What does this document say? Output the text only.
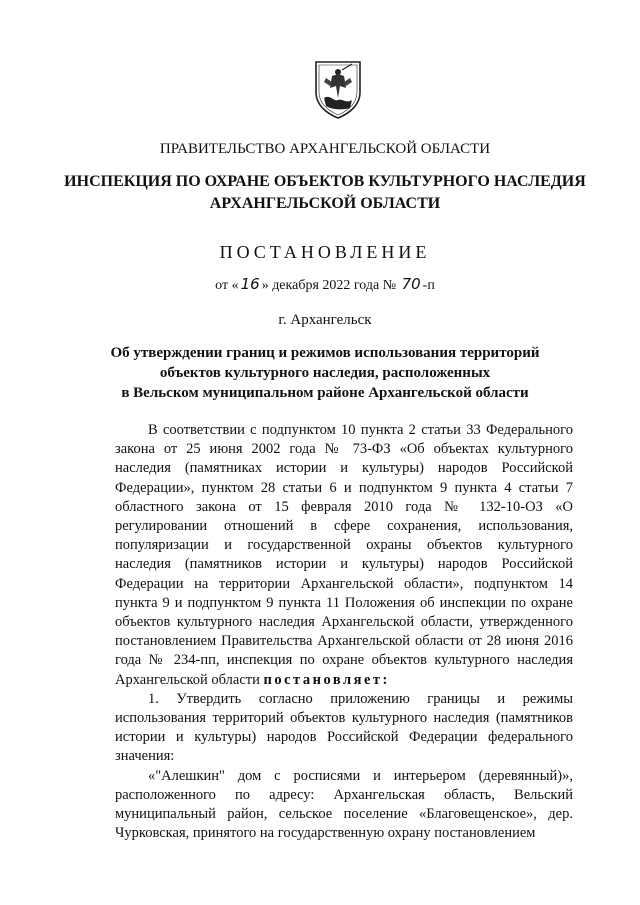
ПРАВИТЕЛЬСТВО АРХАНГЕЛЬСКОЙ ОБЛАСТИ
ИНСПЕКЦИЯ ПО ОХРАНЕ ОБЪЕКТОВ КУЛЬТУРНОГО НАСЛЕДИЯ
АРХАНГЕЛЬСКОЙ ОБЛАСТИ
ПОСТАНОВЛЕНИЕ
от « 16 » декабря 2022 года № 70 -п
г. Архангельск
Об утверждении границ и режимов использования территорий
объектов культурного наследия, расположенных
в Вельском муниципальном районе Архангельской области

В соответствии с подпунктом 10 пункта 2 статьи 33 Федерального закона от 25 июня 2002 года № 73-ФЗ «Об объектах культурного наследия (памятниках истории и культуры) народов Российской Федерации», пунктом 28 статьи 6 и подпунктом 9 пункта 4 статьи 7 областного закона от 15 февраля 2010 года № 132-10-ОЗ «О регулировании отношений в сфере сохранения, использования, популяризации и государственной охраны объектов культурного наследия (памятников истории и культуры) народов Российской Федерации на территории Архангельской области», подпунктом 14 пункта 9 и подпунктом 9 пункта 11 Положения об инспекции по охране объектов культурного наследия Архангельской области, утвержденного постановлением Правительства Архангельской области от 28 июня 2016 года № 234-пп, инспекция по охране объектов культурного наследия Архангельской области постановляет:

1. Утвердить согласно приложению границы и режимы использования территорий объектов культурного наследия (памятников истории и культуры) народов Российской Федерации федерального значения:

«"Алешкин" дом с росписями и интерьером (деревянный)», расположенного по адресу: Архангельская область, Вельский муниципальный район, сельское поселение «Благовещенское», дер. Чурковская, принятого на государственную охрану постановлением
